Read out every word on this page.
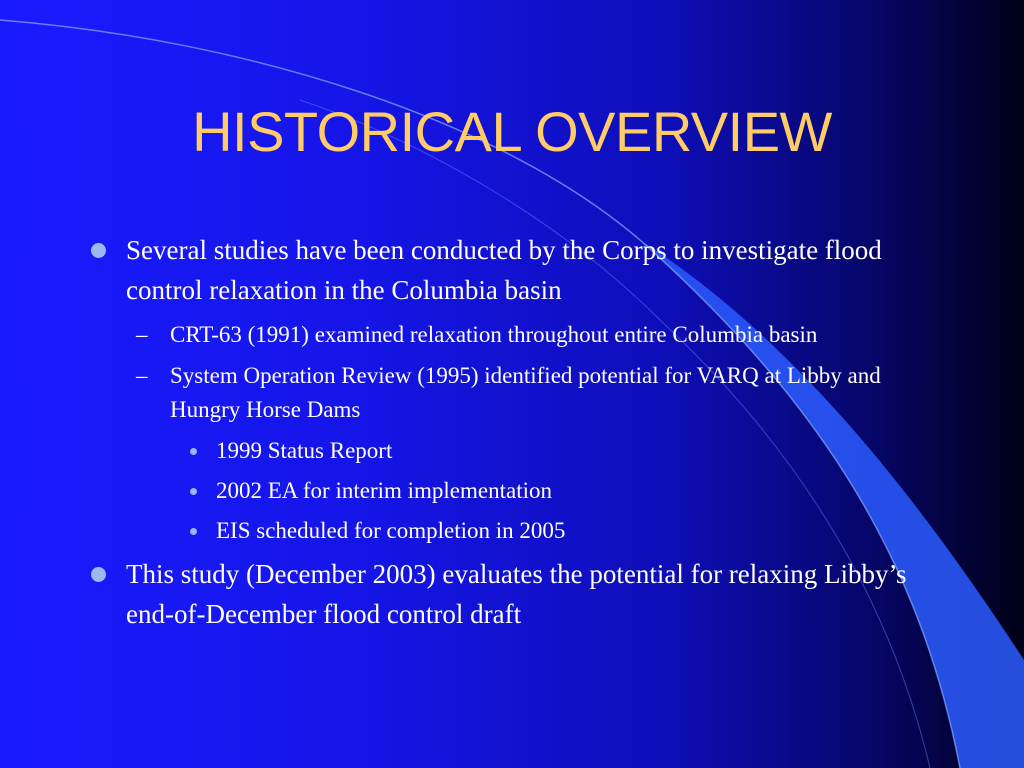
HISTORICAL OVERVIEW
Several studies have been conducted by the Corps to investigate flood control relaxation in the Columbia basin
– CRT-63 (1991) examined relaxation throughout entire Columbia basin
– System Operation Review (1995) identified potential for VARQ at Libby and Hungry Horse Dams
1999 Status Report
2002 EA for interim implementation
EIS scheduled for completion in 2005
This study (December 2003) evaluates the potential for relaxing Libby’s end-of-December flood control draft
